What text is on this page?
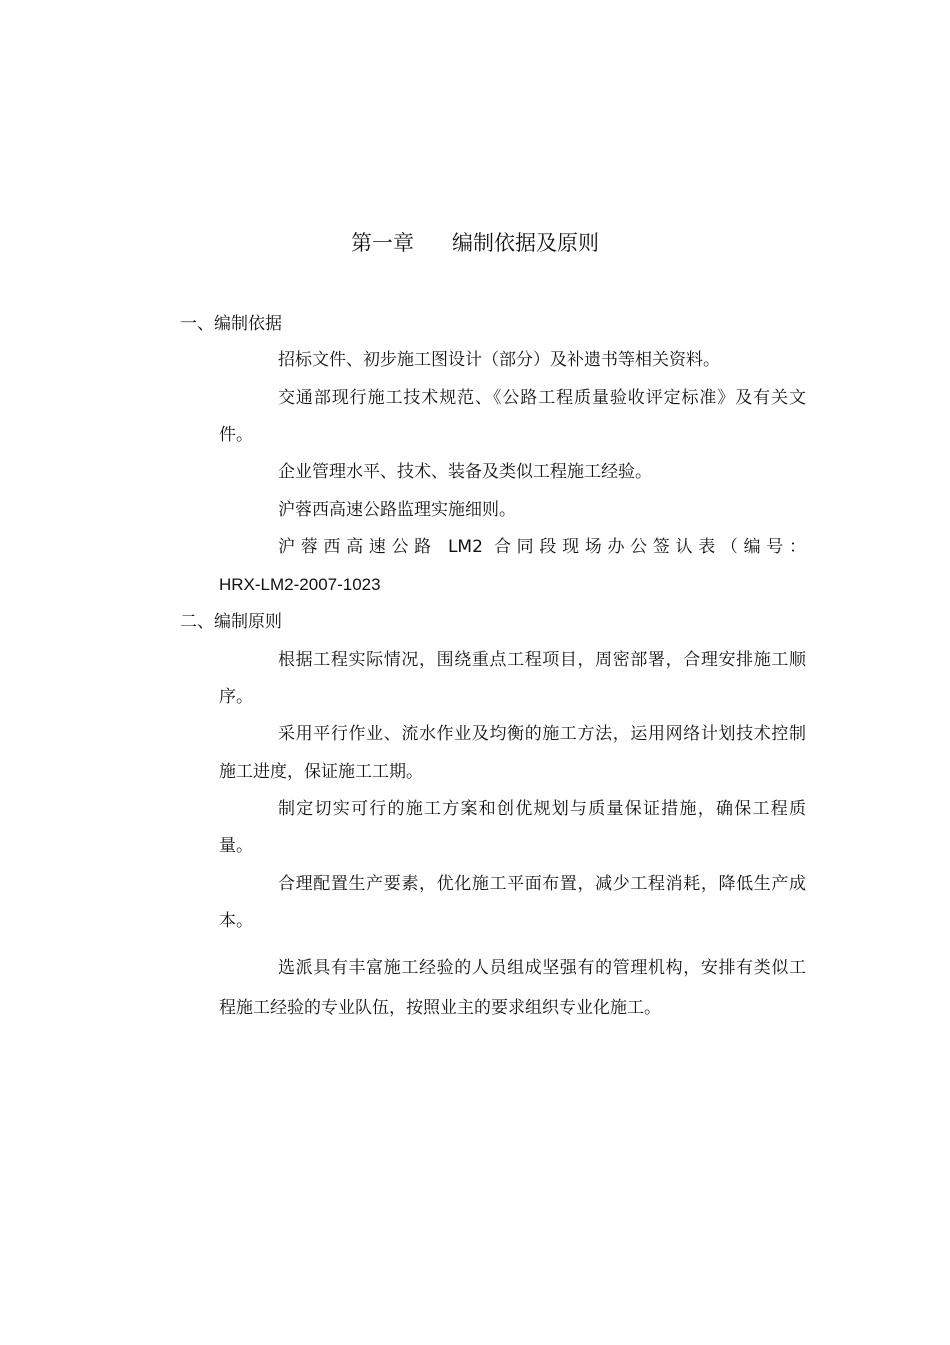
第一章 编制依据及原则
一、编制依据
招标文件、初步施工图设计（部分）及补遗书等相关资料。
交通部现行施工技术规范、《公路工程质量验收评定标准》及有关文
件。
企业管理水平、技术、装备及类似工程施工经验。
沪蓉西高速公路监理实施细则。
沪蓉西高速公路 LM2 合同段现场办公签认表（编号：
HRX-LM2-2007-1023
二、编制原则
根据工程实际情况，围绕重点工程项目，周密部署，合理安排施工顺
序。
采用平行作业、流水作业及均衡的施工方法，运用网络计划技术控制
施工进度，保证施工工期。
制定切实可行的施工方案和创优规划与质量保证措施，确保工程质
量。
合理配置生产要素，优化施工平面布置，减少工程消耗，降低生产成
本。
选派具有丰富施工经验的人员组成坚强有的管理机构，安排有类似工
程施工经验的专业队伍，按照业主的要求组织专业化施工。
